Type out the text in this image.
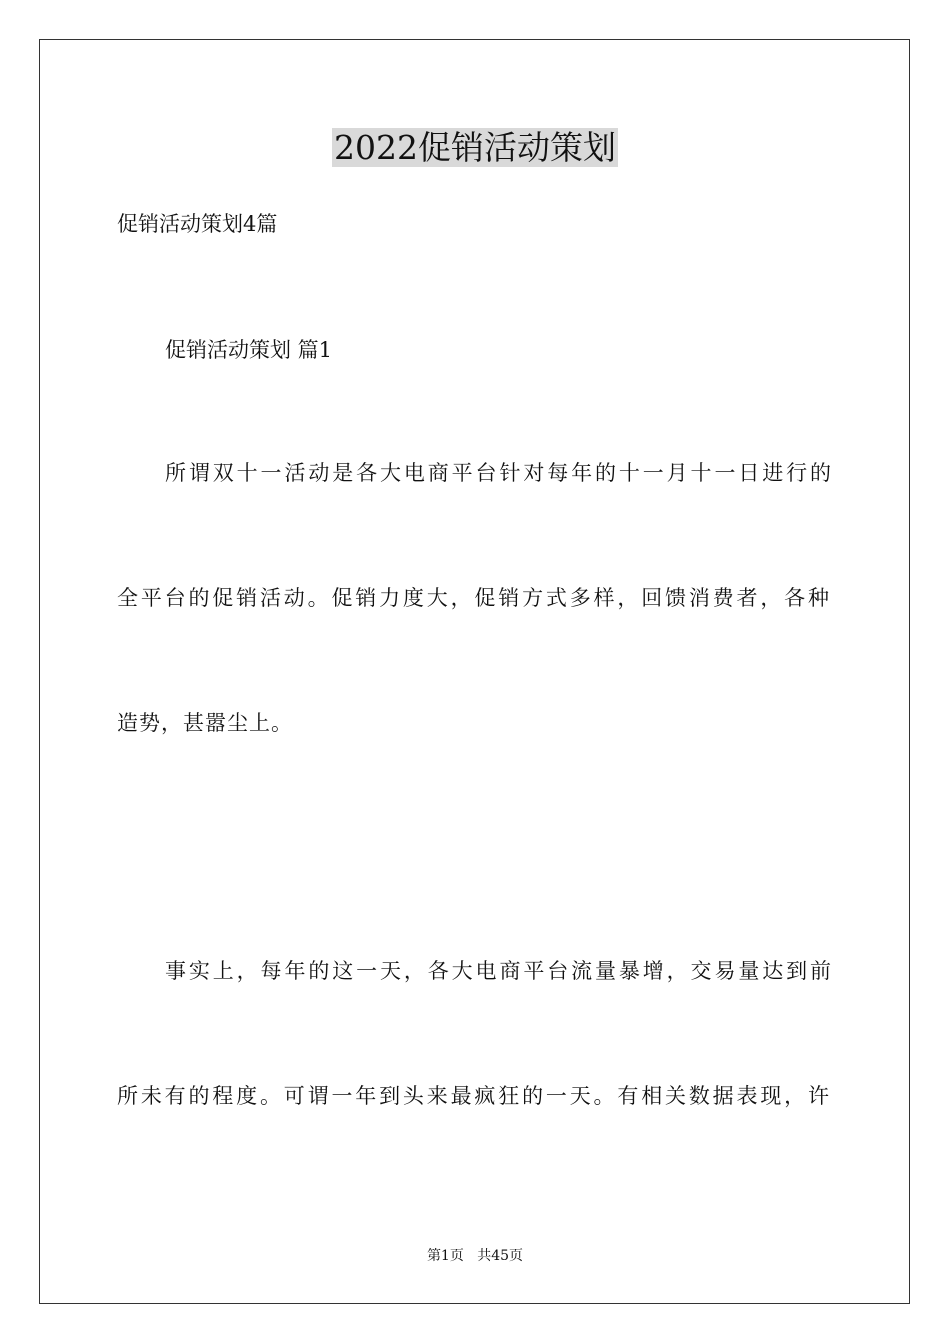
2022促销活动策划

促销活动策划4篇

促销活动策划 篇1

所谓双十一活动是各大电商平台针对每年的十一月十一日进行的

全平台的促销活动。促销力度大，促销方式多样，回馈消费者，各种

造势，甚嚣尘上。

事实上，每年的这一天，各大电商平台流量暴增，交易量达到前

所未有的程度。可谓一年到头来最疯狂的一天。有相关数据表现，许

第1页 共45页
